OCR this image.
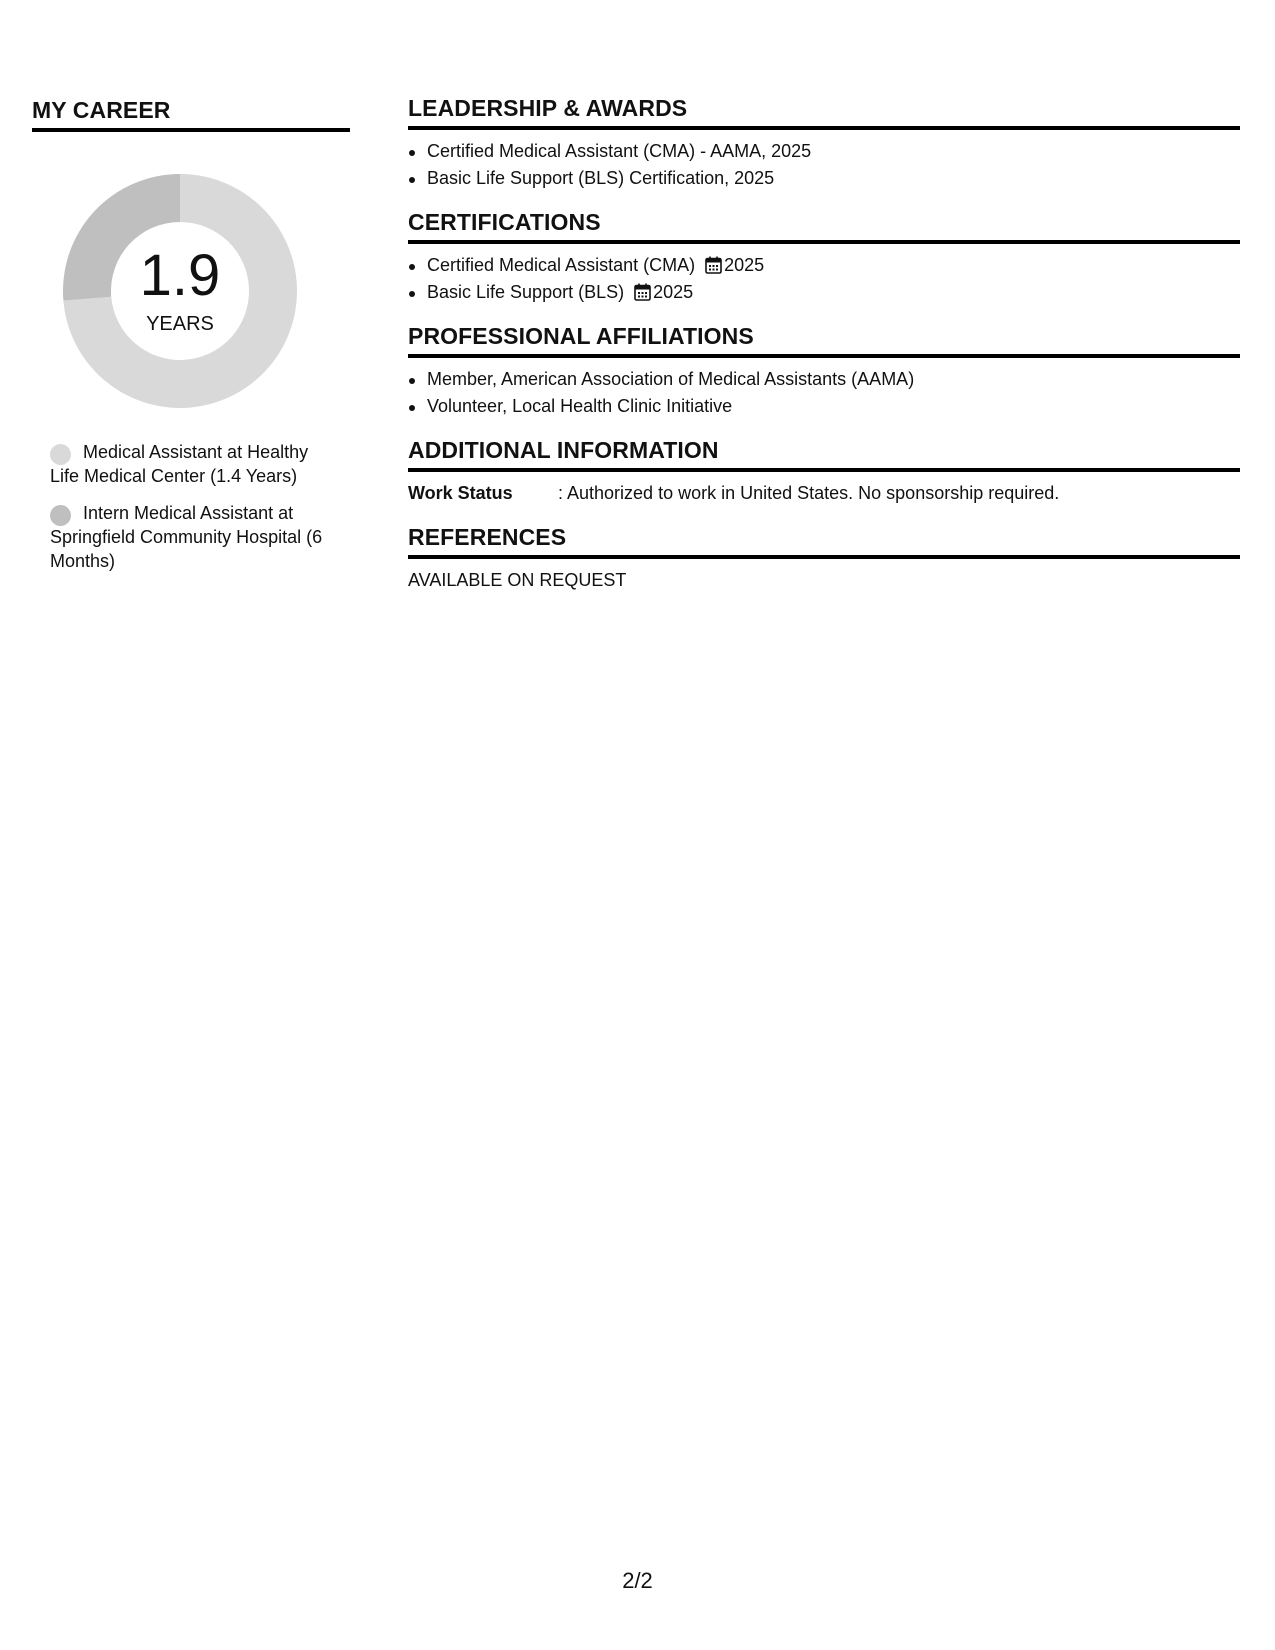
MY CAREER
1.9
YEARS
Medical Assistant at Healthy Life Medical Center (1.4 Years)
Intern Medical Assistant at Springfield Community Hospital (6 Months)
LEADERSHIP & AWARDS
Certified Medical Assistant (CMA) - AAMA, 2025
Basic Life Support (BLS) Certification, 2025
CERTIFICATIONS
Certified Medical Assistant (CMA) 2025
Basic Life Support (BLS) 2025
PROFESSIONAL AFFILIATIONS
Member, American Association of Medical Assistants (AAMA)
Volunteer, Local Health Clinic Initiative
ADDITIONAL INFORMATION
Work Status	: Authorized to work in United States. No sponsorship required.
REFERENCES
AVAILABLE ON REQUEST
2/2
